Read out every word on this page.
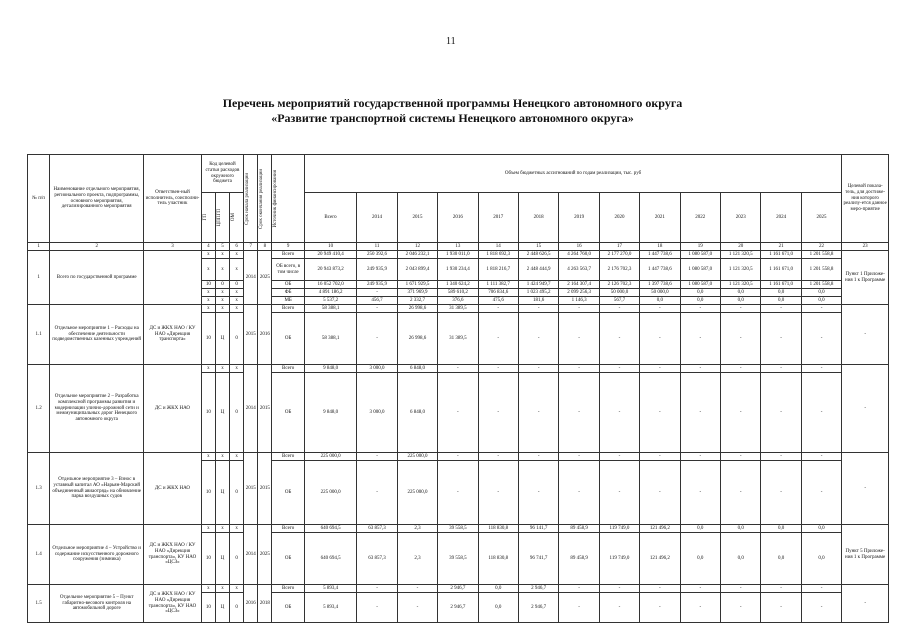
11
Перечень мероприятий государственной программы Ненецкого автономного округа
«Развитие транспортной системы Ненецкого автономного округа»
№ п/п	Наименование отдельного мероприятия, регионального проекта, подпрограммы, основного мероприятия, детализированного мероприятия	Ответствен-ный исполнитель, соисполни-тель участник	Код целевой статьи расходов окружного бюджета			Срок начала реализации	Срок окончания реализации	Источник финансирования	Объем бюджетных ассигнований по годам реализации, тыс. руб													Целевой показа-тель, для достиже-ния которого реализу-ется данное меро-приятие

			ГП	ЦППГП	ОМ				Всего	2014	2015	2016	2017	2018	2019	2020	2021	2022	2023	2024	2025	
1	2	3	4	5	6	7	8	9	10	11	12	13	14	15	16	17	18	19	20	21	22	23
1	Всего по государственной программе		х	х	х	2014	2025	Всего	20 949 410,4	250 392,6	2 046 232,1	1 930 011,0	1 818 692,3	2 448 626,5	4 264 760,0	2 177 270,0	1 447 738,6	1 080 587,0	1 121 320,5	1 161 671,0	1 201 558,8	Пункт 1 Приложе-ния 1 к Программе
			х	х	х			ОБ всего, в том числе	20 943 873,2	249 935,9	2 043 899,4	1 930 234,4	1 818 216,7	2 448 444,9	4 263 563,7	2 176 702,3	1 447 738,6	1 080 587,0	1 121 320,5	1 161 671,0	1 201 558,8	
			10	0	0			ОБ	16 052 702,0	249 935,9	1 671 929,5	1 340 624,2	1 111 382,7	1 424 949,7	2 164 307,4	2 126 702,3	1 397 738,6	1 080 587,0	1 121 320,5	1 161 671,0	1 201 558,8	
			х	х	х			ФБ	4 891 186,2	-	371 969,9	589 610,2	706 834,6	1 023 495,2	2 099 256,3	50 000,0	50 000,0	0,0	0,0	0,0	0,0	
			х	х	х			МБ	5 537,2	456,7	2 332,7	376,6	475,6	181,6	1 146,3	567,7	0,0	0,0	0,0	0,0	0,0	
1.1	Отдельное мероприятие 1 – Расходы на обеспечение деятельности подведомственных казенных учреждений	ДС и ЖКХ НАО / КУ НАО «Дирекция транспорта»	х	х	х	2015	2016	Всего	58 388,1	-	26 998,6	31 389,5	-	-	-	-	-	-	-	-	-	-
			10	Ц	0			ОБ	58 388,1	-	26 998,6	31 389,5	-	-	-	-	-	-	-	-	-	
1.2	Отдельное мероприятие 2 – Разработка комплексной программы развития и модернизации улично-дорожной сети и межмуниципальных дорог Ненецкого автономного округа	ДС и ЖКХ НАО	х	х	х	2014	2015	Всего	9 848,0	3 000,0	6 848,0	-	-	-	-	-	-	-	-	-	-	-
			10	Ц	0			ОБ	9 848,0	3 000,0	6 848,0	-	-	-	-	-	-	-	-	-	-	
1.3	Отдельное мероприятие 3 – Взнос в уставный капитал АО «Нарьян-Марский объединенный авиаотряд» на обновление парка воздушных судов	ДС и ЖКХ НАО	х	х	х	2015	2015	Всего	225 000,0	-	225 000,0	-	-	-	-	-	-	-	-	-	-	-
			10	Ц	0			ОБ	225 000,0	-	225 000,0	-	-	-	-	-	-	-	-	-	-	
1.4	Отдельное мероприятие 4 – Устройство и содержание искусственного дорожного сооружения (зимника)	ДС и ЖКХ НАО / КУ НАО «Дирекция транспорта», КУ НАО «ЦСЗ»	х	х	х	2014	2025	Всего	640 694,5	63 857,3	2,3	39 558,5	118 830,8	96 141,7	89 458,9	119 749,0	121 496,2	0,0	0,0	0,0	0,0	Пункт 5 Приложе-ния 1 к Программе
			10	Ц	0			ОБ	640 694,5	63 857,3	2,3	39 558,5	118 830,8	96 741,7	89 458,9	119 749,0	121 496,2	0,0	0,0	0,0	0,0	
1.5	Отдельное мероприятие 5 – Пункт габаритно-весового контроля на автомобильной дороге	ДС и ЖКХ НАО / КУ НАО «Дирекция транспорта», КУ НАО «ЦСЗ»	х	х	х	2016	2018	Всего	5 893,4	-	-	2 946,7	0,0	2 946,7	-	-	-	-	-	-	-	-
			10	Ц	0			ОБ	5 893,4	-	-	2 946,7	0,0	2 946,7	-	-	-	-	-	-	-	
